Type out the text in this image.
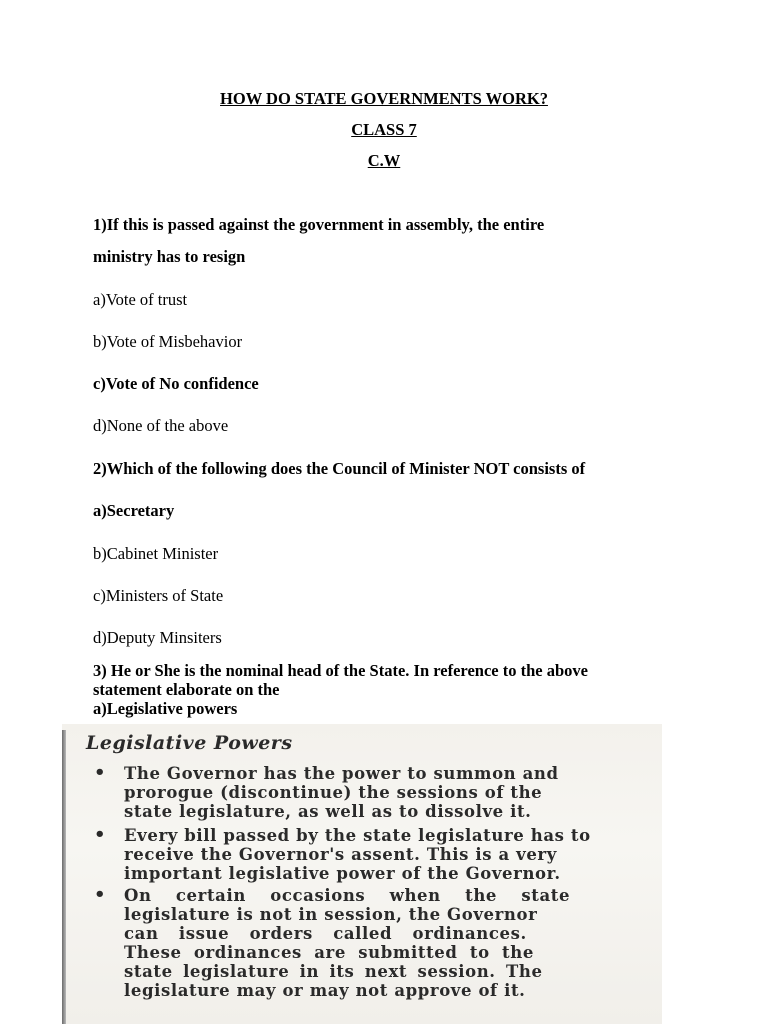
HOW DO STATE GOVERNMENTS WORK?
CLASS 7
C.W
1)If this is passed against the government in assembly, the entire
ministry has to resign
a)Vote of trust
b)Vote of Misbehavior
c)Vote of No confidence
d)None of the above
2)Which of the following does the Council of Minister NOT consists of
a)Secretary
b)Cabinet Minister
c)Ministers of State
d)Deputy Minsiters
3) He or She is the nominal head of the State. In reference to the above
statement elaborate on the
a)Legislative powers
Legislative Powers
• The Governor has the power to summon and
prorogue (discontinue) the sessions of the
state legislature, as well as to dissolve it.
• Every bill passed by the state legislature has to
receive the Governor's assent. This is a very
important legislative power of the Governor.
• On certain occasions when the state
legislature is not in session, the Governor
can issue orders called ordinances.
These ordinances are submitted to the
state legislature in its next session. The
legislature may or may not approve of it.
